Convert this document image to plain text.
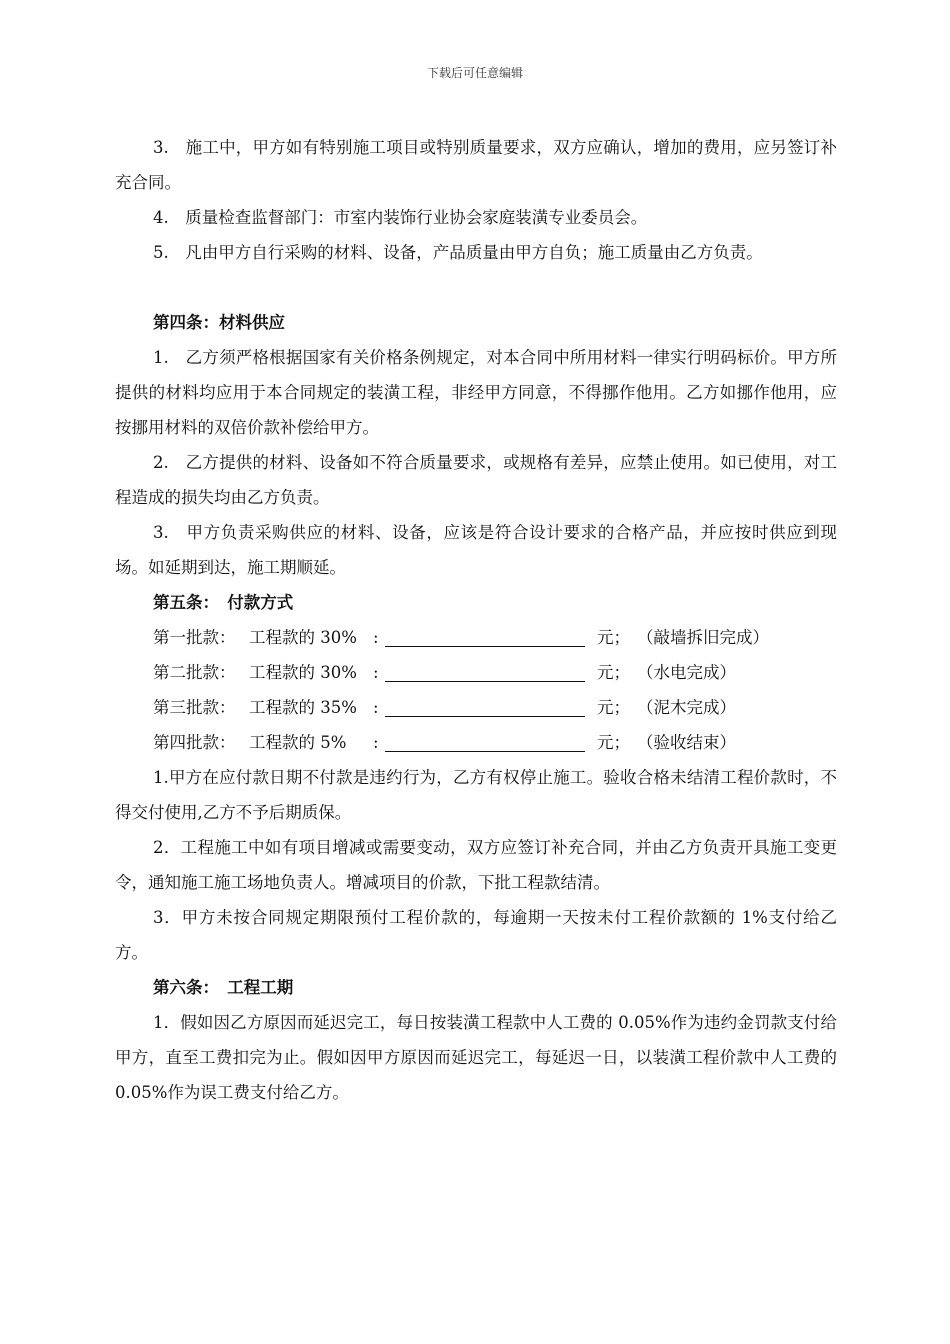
下载后可任意编辑

3.　施工中，甲方如有特别施工项目或特别质量要求，双方应确认，增加的费用，应另签订补充合同。

4.　质量检查监督部门：市室内装饰行业协会家庭装潢专业委员会。

5.　凡由甲方自行采购的材料、设备，产品质量由甲方自负；施工质量由乙方负责。

第四条：材料供应

1.　乙方须严格根据国家有关价格条例规定，对本合同中所用材料一律实行明码标价。甲方所提供的材料均应用于本合同规定的装潢工程，非经甲方同意，不得挪作他用。乙方如挪作他用，应按挪用材料的双倍价款补偿给甲方。

2.　乙方提供的材料、设备如不符合质量要求，或规格有差异，应禁止使用。如已使用，对工程造成的损失均由乙方负责。

3.　甲方负责采购供应的材料、设备，应该是符合设计要求的合格产品，并应按时供应到现场。如延期到达，施工期顺延。

第五条：　付款方式

第一批款： 工程款的 30% :	元； （敲墙拆旧完成）
第二批款： 工程款的 30% :	元； （水电完成）
第三批款： 工程款的 35% :	元； （泥木完成）
第四批款： 工程款的 5% :	元； （验收结束）

1.甲方在应付款日期不付款是违约行为，乙方有权停止施工。验收合格未结清工程价款时，不得交付使用,乙方不予后期质保。

2．工程施工中如有项目增减或需要变动，双方应签订补充合同，并由乙方负责开具施工变更令，通知施工施工场地负责人。增减项目的价款，下批工程款结清。

3．甲方未按合同规定期限预付工程价款的，每逾期一天按未付工程价款额的 1%支付给乙方。

第六条：　工程工期

1．假如因乙方原因而延迟完工，每日按装潢工程款中人工费的 0.05%作为违约金罚款支付给甲方，直至工费扣完为止。假如因甲方原因而延迟完工，每延迟一日，以装潢工程价款中人工费的 0.05%作为误工费支付给乙方。
